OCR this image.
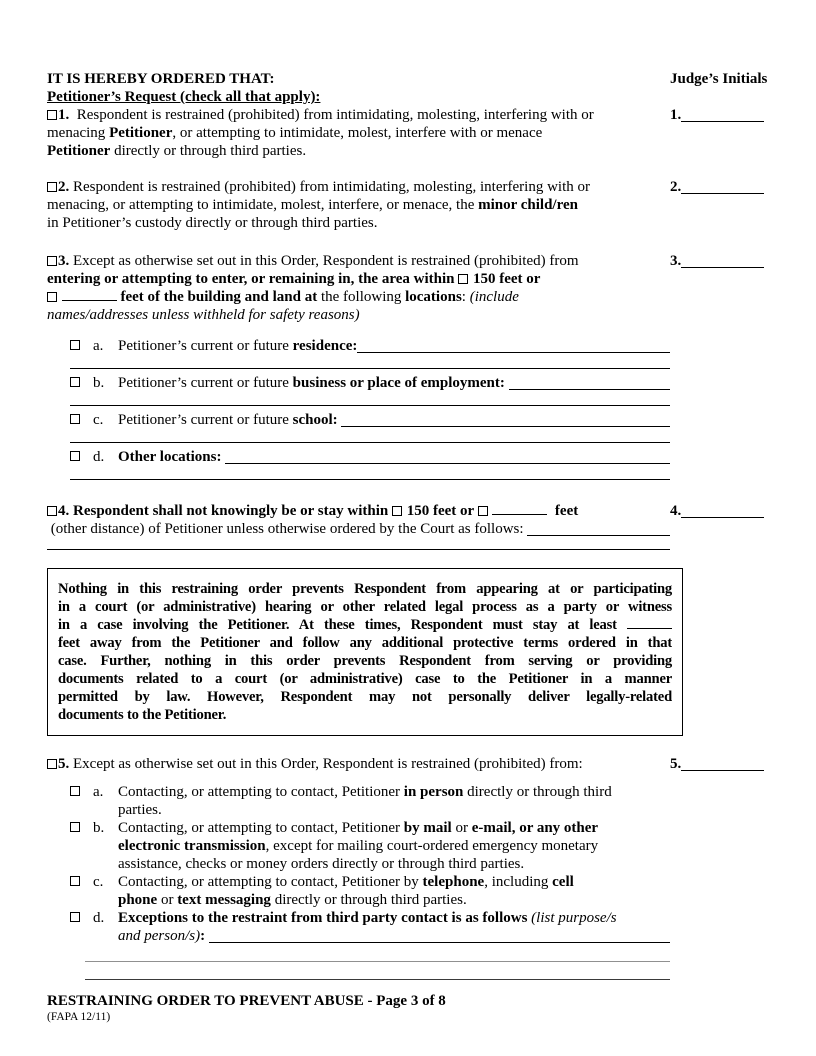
IT IS HEREBY ORDERED THAT:	Judge’s Initials
Petitioner’s Request (check all that apply):
1.  Respondent is restrained (prohibited) from intimidating, molesting, interfering with or
menacing Petitioner, or attempting to intimidate, molest, interfere with or menace
Petitioner directly or through third parties.
1.
2. Respondent is restrained (prohibited) from intimidating, molesting, interfering with or
menacing, or attempting to intimidate, molest, interfere, or menace, the minor child/ren
in Petitioner’s custody directly or through third parties.
2.
3. Except as otherwise set out in this Order, Respondent is restrained (prohibited) from
entering or attempting to enter, or remaining in, the area within  150 feet or
feet of the building and land at the following locations: (include
names/addresses unless withheld for safety reasons)
3.
a. Petitioner’s current or future residence:
b. Petitioner’s current or future business or place of employment:
c. Petitioner’s current or future school:
d. Other locations:
4. Respondent shall not knowingly be or stay within  150 feet or	feet
(other distance) of Petitioner unless otherwise ordered by the Court as follows:
4.
Nothing in this restraining order prevents Respondent from appearing at or participating
in a court (or administrative) hearing or other related legal process as a party or witness
in a case involving the Petitioner. At these times, Respondent must stay at least
feet away from the Petitioner and follow any additional protective terms ordered in that
case. Further, nothing in this order prevents Respondent from serving or providing
documents related to a court (or administrative) case to the Petitioner in a manner
permitted by law. However, Respondent may not personally deliver legally-related
documents to the Petitioner.
5. Except as otherwise set out in this Order, Respondent is restrained (prohibited) from:	5.
a. Contacting, or attempting to contact, Petitioner in person directly or through third
parties.
b. Contacting, or attempting to contact, Petitioner by mail or e-mail, or any other
electronic transmission, except for mailing court-ordered emergency monetary
assistance, checks or money orders directly or through third parties.
c. Contacting, or attempting to contact, Petitioner by telephone, including cell
phone or text messaging directly or through third parties.
d. Exceptions to the restraint from third party contact is as follows (list purpose/s
and person/s) :

RESTRAINING ORDER TO PREVENT ABUSE - Page 3 of 8
(FAPA 12/11)
